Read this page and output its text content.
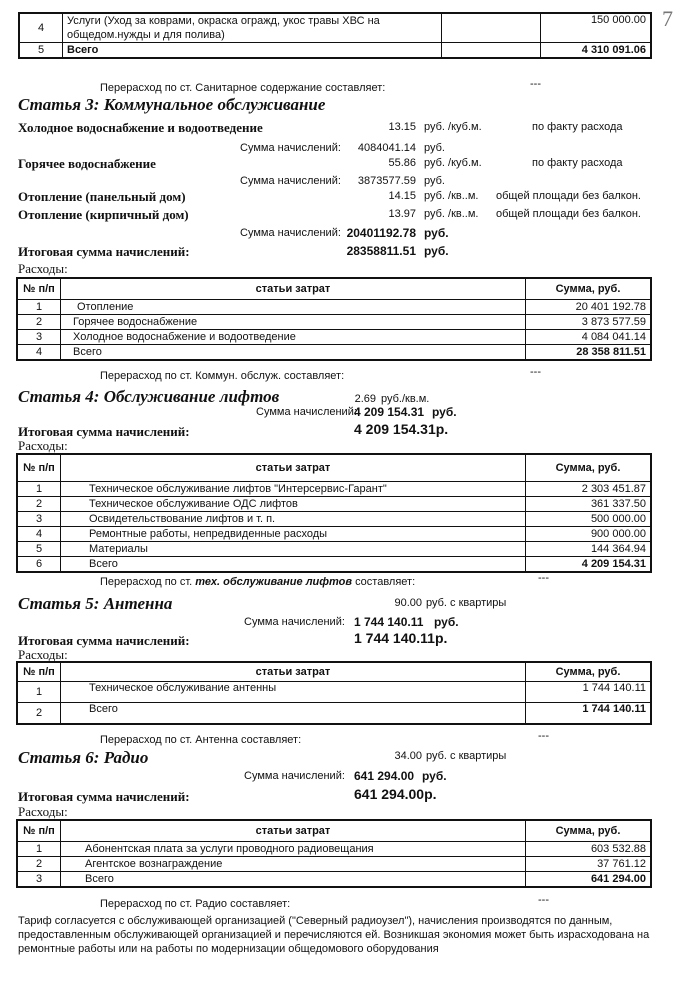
7
4	Услуги (Уход за коврами, окраска огражд, укос травы ХВС на
общедом.нужды и для полива)		150 000.00
5	Всего		4 310 091.06
Перерасход по ст. Санитарное содержание составляет:	---
Статья 3: Коммунальное обслуживание
Холодное водоснабжение и водоотведение	13.15 руб. /куб.м.	по факту расхода
Сумма начислений:	4084041.14 руб.
Горячее водоснабжение	55.86 руб. /куб.м.	по факту расхода
Сумма начислений:	3873577.59 руб.
Отопление (панельный дом)	14.15 руб. /кв..м. общей площади без балкон.
Отопление (кирпичный дом)	13.97 руб. /кв..м. общей площади без балкон.
Сумма начислений: 20401192.78 руб.
Итоговая сумма начислений:	28358811.51 руб.
Расходы:
№ п/п	статьи затрат	Сумма, руб.
1	Отопление	20 401 192.78
2	Горячее водоснабжение	3 873 577.59
3	Холодное водоснабжение и водоотведение	4 084 041.14
4	Всего	28 358 811.51
Перерасход по ст. Коммун. обслуж. составляет:	---
Статья 4: Обслуживание лифтов	2.69 руб./кв.м.
Сумма начислений:
4 209 154.31 руб.
Итоговая сумма начислений:	4 209 154.31р.
Расходы:
№ п/п	статьи затрат	Сумма, руб.
1	Техническое обслуживание лифтов "Интерсервис-Гарант"	2 303 451.87
2	Техническое обслуживание ОДС лифтов	361 337.50
3	Освидетельствование лифтов и т. п.	500 000.00
4	Ремонтные работы, непредвиденные расходы	900 000.00
5	Материалы	144 364.94
6	Всего	4 209 154.31
Перерасход по ст. тех. обслуживание лифтов составляет:	---
Статья 5: Антенна	90.00 руб. с квартиры
Сумма начислений: 1 744 140.11 руб.
Итоговая сумма начислений:	1 744 140.11р.
Расходы:
№ п/п	статьи затрат	Сумма, руб.
1	Техническое обслуживание антенны	1 744 140.11
2	Всего	1 744 140.11
Перерасход по ст. Антенна составляет:	---
Статья 6: Радио	34.00 руб. с квартиры
Сумма начислений: 641 294.00 руб.
Итоговая сумма начислений:	641 294.00р.
Расходы:
№ п/п	статьи затрат	Сумма, руб.
1	Абонентская плата за услуги проводного радиовещания	603 532.88
2	Агентское вознаграждение	37 761.12
3	Всего	641 294.00
Перерасход по ст. Радио составляет:	---
Тариф согласуется с обслуживающей организацией ("Северный радиоузел"), начисления производятся по данным,
предоставленным обслуживающей организацией и перечисляются ей. Возникшая экономия может быть израсходована на
ремонтные работы или на работы по модернизации общедомового оборудования
